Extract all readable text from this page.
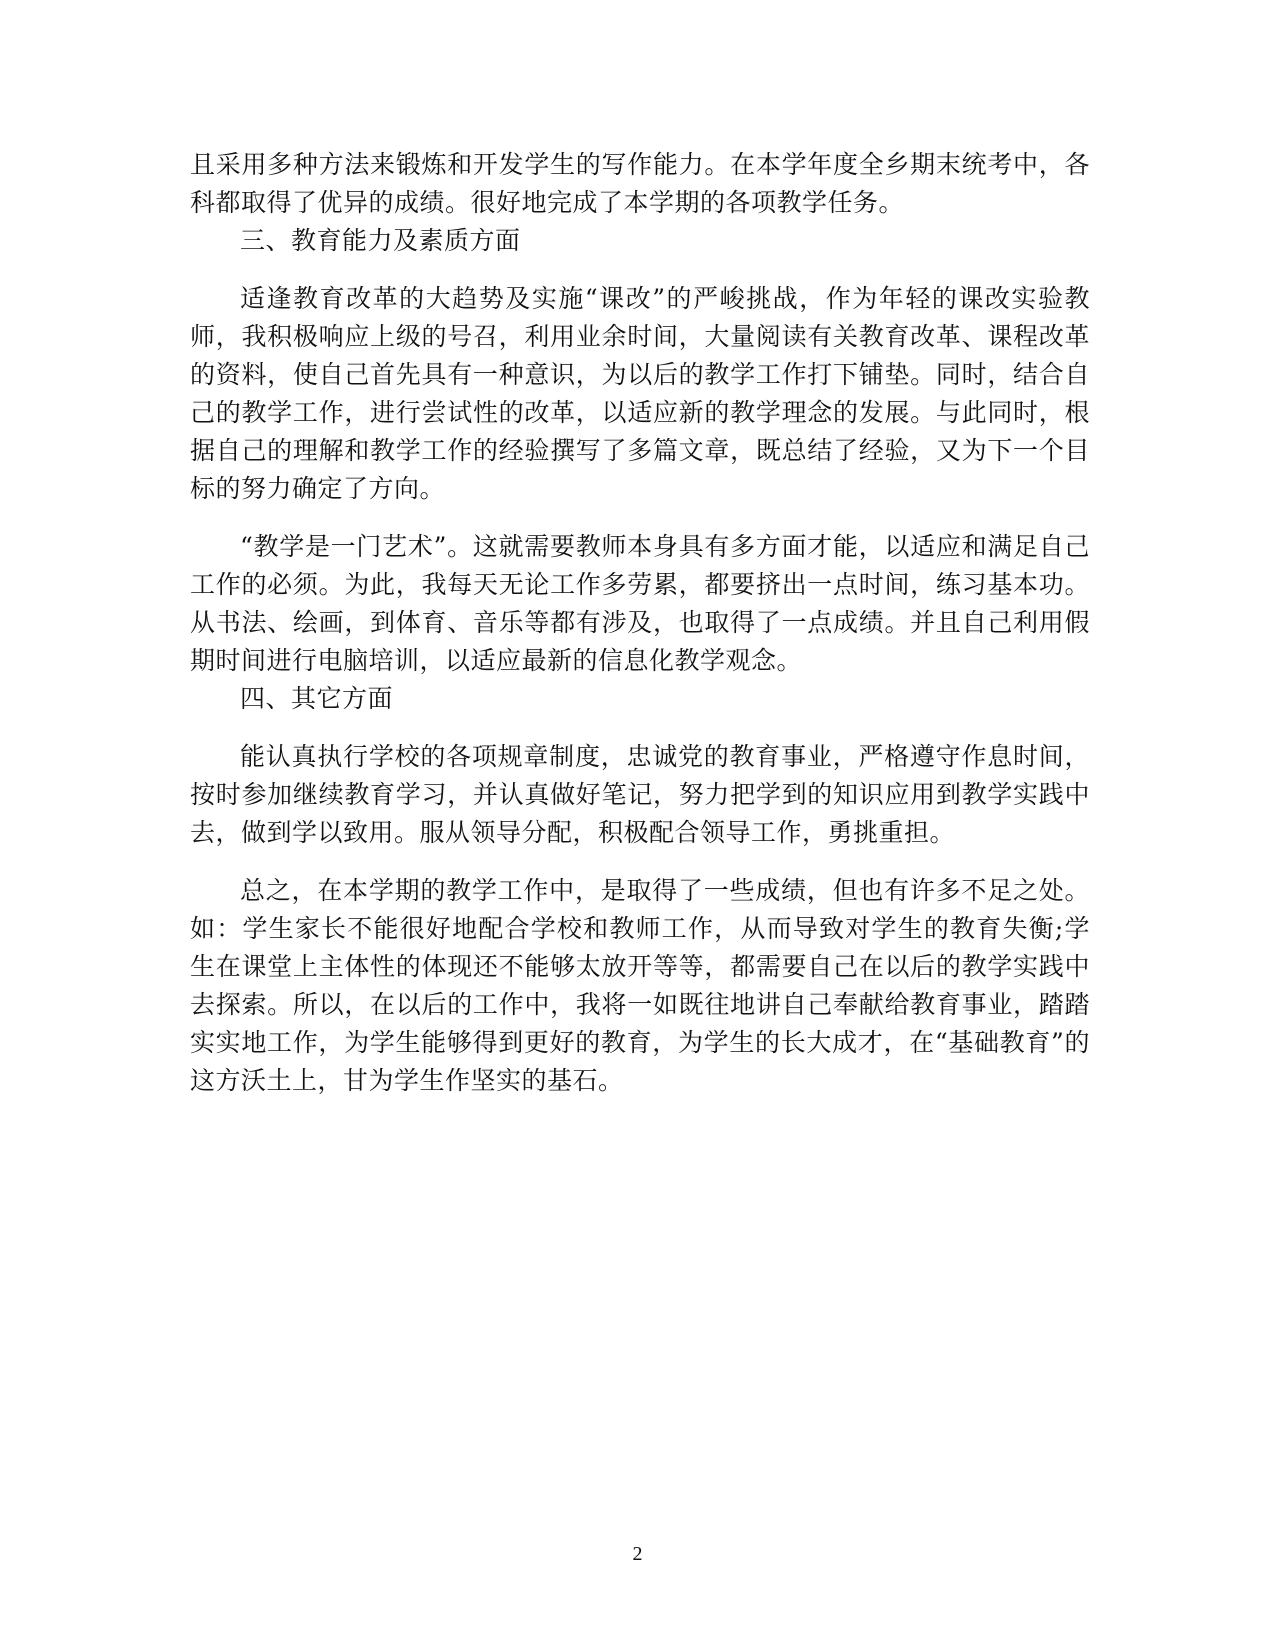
且采用多种方法来锻炼和开发学生的写作能力。在本学年度全乡期末统考中，各科都取得了优异的成绩。很好地完成了本学期的各项教学任务。

三、教育能力及素质方面

适逢教育改革的大趋势及实施“课改”的严峻挑战，作为年轻的课改实验教师，我积极响应上级的号召，利用业余时间，大量阅读有关教育改革、课程改革的资料，使自己首先具有一种意识，为以后的教学工作打下铺垫。同时，结合自己的教学工作，进行尝试性的改革，以适应新的教学理念的发展。与此同时，根据自己的理解和教学工作的经验撰写了多篇文章，既总结了经验，又为下一个目标的努力确定了方向。

“教学是一门艺术”。这就需要教师本身具有多方面才能，以适应和满足自己工作的必须。为此，我每天无论工作多劳累，都要挤出一点时间，练习基本功。从书法、绘画，到体育、音乐等都有涉及，也取得了一点成绩。并且自己利用假期时间进行电脑培训，以适应最新的信息化教学观念。

四、其它方面

能认真执行学校的各项规章制度，忠诚党的教育事业，严格遵守作息时间，按时参加继续教育学习，并认真做好笔记，努力把学到的知识应用到教学实践中去，做到学以致用。服从领导分配，积极配合领导工作，勇挑重担。

总之，在本学期的教学工作中，是取得了一些成绩，但也有许多不足之处。如：学生家长不能很好地配合学校和教师工作，从而导致对学生的教育失衡;学生在课堂上主体性的体现还不能够太放开等等，都需要自己在以后的教学实践中去探索。所以，在以后的工作中，我将一如既往地讲自己奉献给教育事业，踏踏实实地工作，为学生能够得到更好的教育，为学生的长大成才，在“基础教育”的这方沃土上，甘为学生作坚实的基石。

2
